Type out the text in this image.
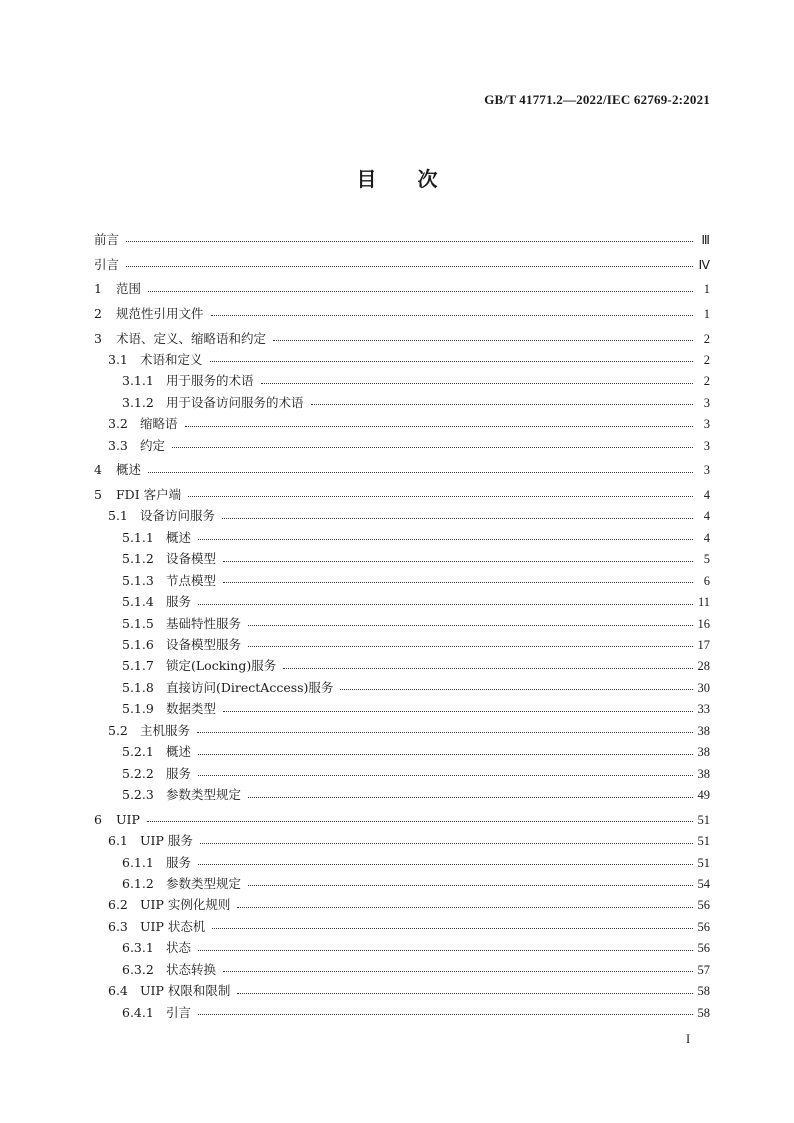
GB/T 41771.2—2022/IEC 62769-2:2021
目 次
前言	Ⅲ
引言	Ⅳ
1	范围	1
2	规范性引用文件	1
3	术语、定义、缩略语和约定	2
3.1 术语和定义	2
3.1.1 用于服务的术语	2
3.1.2 用于设备访问服务的术语	3
3.2 缩略语	3
3.3 约定	3
4	概述	3
5	FDI 客户端	4
5.1 设备访问服务	4
5.1.1 概述	4
5.1.2 设备模型	5
5.1.3 节点模型	6
5.1.4 服务	11
5.1.5 基础特性服务	16
5.1.6 设备模型服务	17
5.1.7 锁定(Locking)服务	28
5.1.8 直接访问(DirectAccess)服务	30
5.1.9 数据类型	33
5.2 主机服务	38
5.2.1 概述	38
5.2.2 服务	38
5.2.3 参数类型规定	49
6	UIP	51
6.1 UIP 服务	51
6.1.1 服务	51
6.1.2 参数类型规定	54
6.2 UIP 实例化规则	56
6.3 UIP 状态机	56
6.3.1 状态	56
6.3.2 状态转换	57
6.4 UIP 权限和限制	58
6.4.1 引言	58
I
